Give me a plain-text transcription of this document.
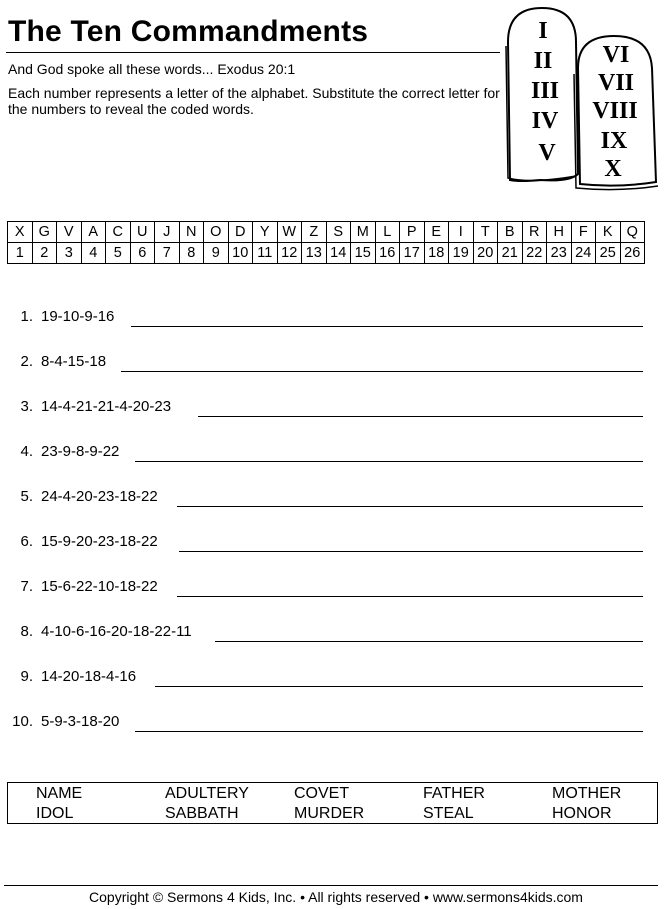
The Ten Commandments
And God spoke all these words... Exodus 20:1
Each number represents a letter of the alphabet. Substitute the correct letter for the numbers to reveal the coded words.
I
II
III
IV
V
VI
VII
VIII
IX
X
X	G	V	A	C	U	J	N	O	D	Y	W	Z	S	M	L	P	E	I	T	B	R	H	F	K	Q
1	2	3	4	5	6	7	8	9	10	11	12	13	14	15	16	17	18	19	20	21	22	23	24	25	26
1. 19-10-9-16
2. 8-4-15-18
3. 14-4-21-21-4-20-23
4. 23-9-8-9-22
5. 24-4-20-23-18-22
6. 15-9-20-23-18-22
7. 15-6-22-10-18-22
8. 4-10-6-16-20-18-22-11
9. 14-20-18-4-16
10. 5-9-3-18-20
NAME	ADULTERY	COVET	FATHER	MOTHER
IDOL	SABBATH	MURDER	STEAL	HONOR
Copyright © Sermons 4 Kids, Inc. • All rights reserved • www.sermons4kids.com
